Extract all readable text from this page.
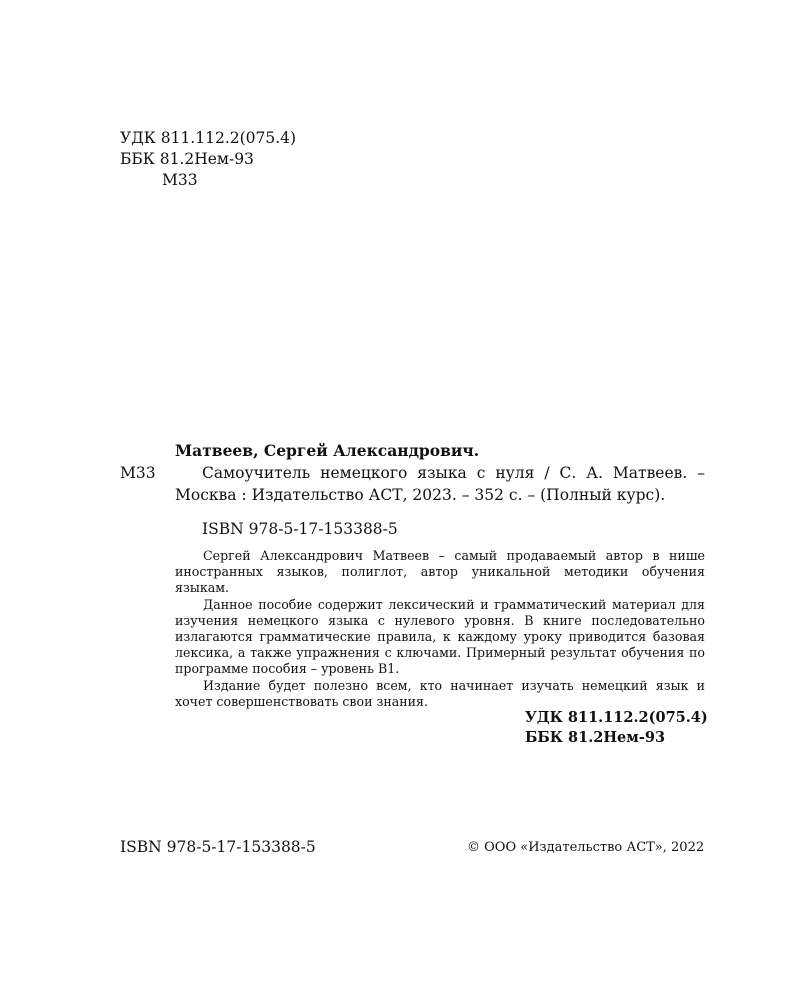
УДК 811.112.2(075.4)
ББК 81.2Нем-93
М33
Матвеев, Сергей Александрович.
М33	Самоучитель немецкого языка с нуля / С. А. Матвеев. –
Москва : Издательство АСТ, 2023. – 352 с. – (Полный курс).
ISBN 978-5-17-153388-5

Сергей Александрович Матвеев – самый продаваемый автор в нише иностранных языков, полиглот, автор уникальной методики обучения языкам.

Данное пособие содержит лексический и грамматический материал для изучения немецкого языка с нулевого уровня. В книге последовательно излагаются грамматические правила, к каждому уроку приводится базовая лексика, а также упражнения с ключами. Примерный результат обучения по программе пособия – уровень B1.

Издание будет полезно всем, кто начинает изучать немецкий язык и хочет совершенствовать свои знания.

УДК 811.112.2(075.4)
ББК 81.2Нем-93
ISBN 978-5-17-153388-5	© ООО «Издательство АСТ», 2022
